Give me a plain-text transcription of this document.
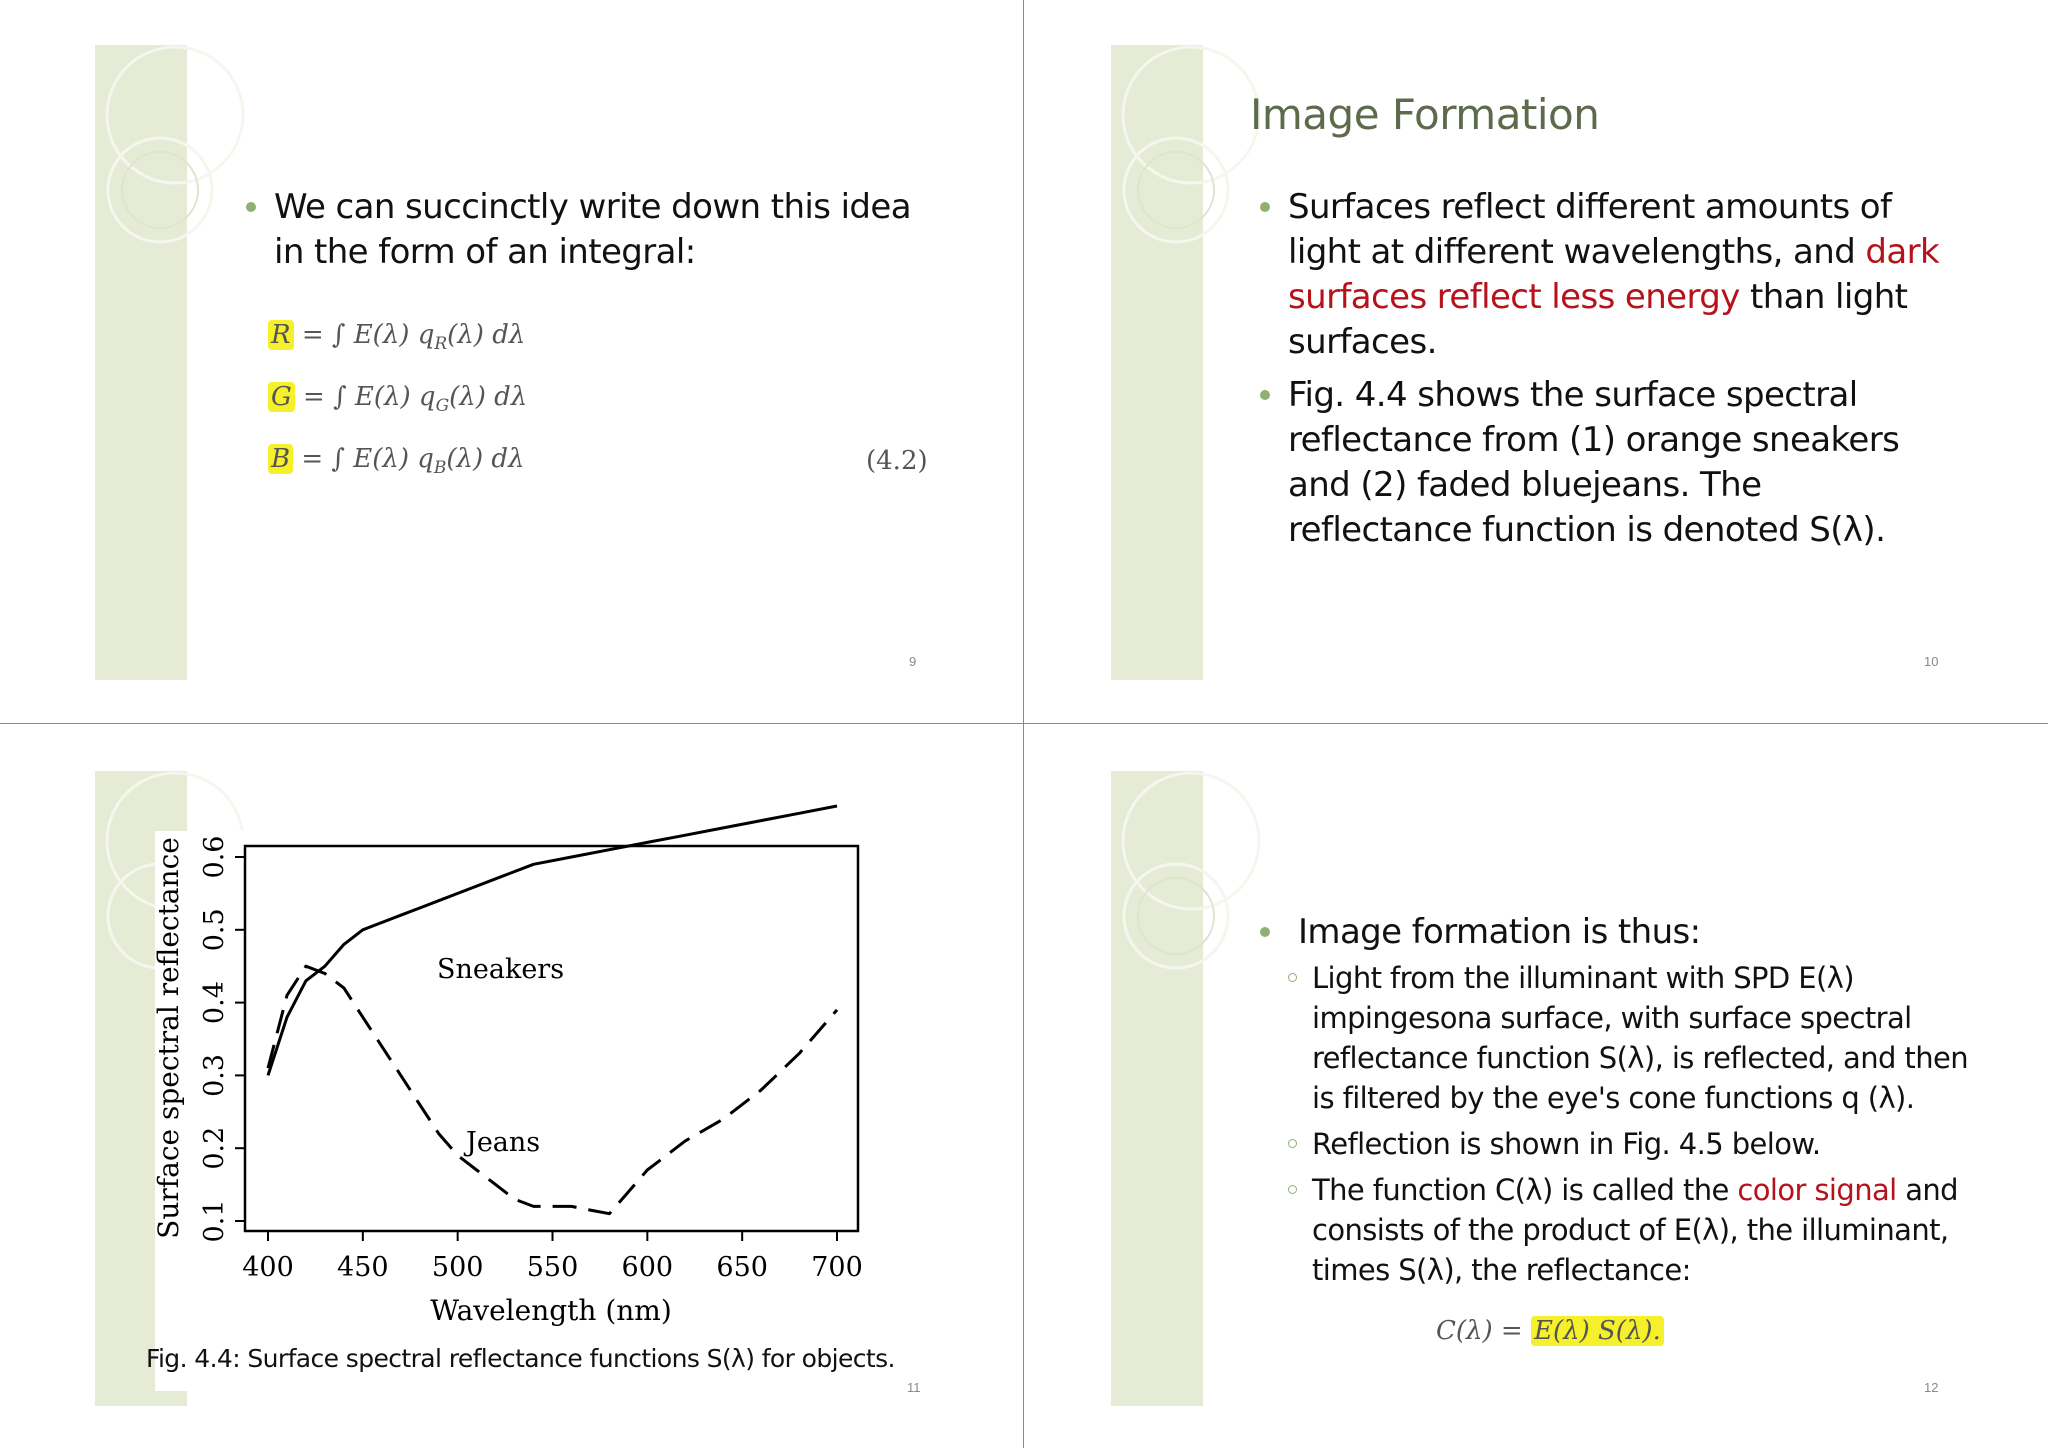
We can succinctly write down this idea in the form of an integral:
R = ∫ E(λ) $q_R(\lambda)$ dλ
G = ∫ E(λ) $q_G(\lambda)$ dλ
B = ∫ E(λ) $q_B(\lambda)$ dλ	(4.2)
9
Image Formation
Surfaces reflect different amounts of light at different wavelengths, and dark surfaces reflect less energy than light surfaces.
Fig. 4.4 shows the surface spectral reflectance from (1) orange sneakers and (2) faded bluejeans. The reflectance function is denoted S(λ).
10
400 450 500 550 600 650 700
0.1
0.2
0.3
0.4
0.5
0.6
Wavelength (nm)
Surface spectral reflectance	Sneakers
Jeans
Fig. 4.4: Surface spectral reflectance functions S(λ) for objects.
11
Image formation is thus:
Light from the illuminant with SPD E(λ) impingesona surface, with surface spectral reflectance function S(λ), is reflected, and then is filtered by the eye's cone functions q (λ).
Reflection is shown in Fig. 4.5 below.
The function C(λ) is called the color signal and consists of the product of E(λ), the illuminant, times S(λ), the reflectance:
C(λ) = E(λ) S(λ).
12
